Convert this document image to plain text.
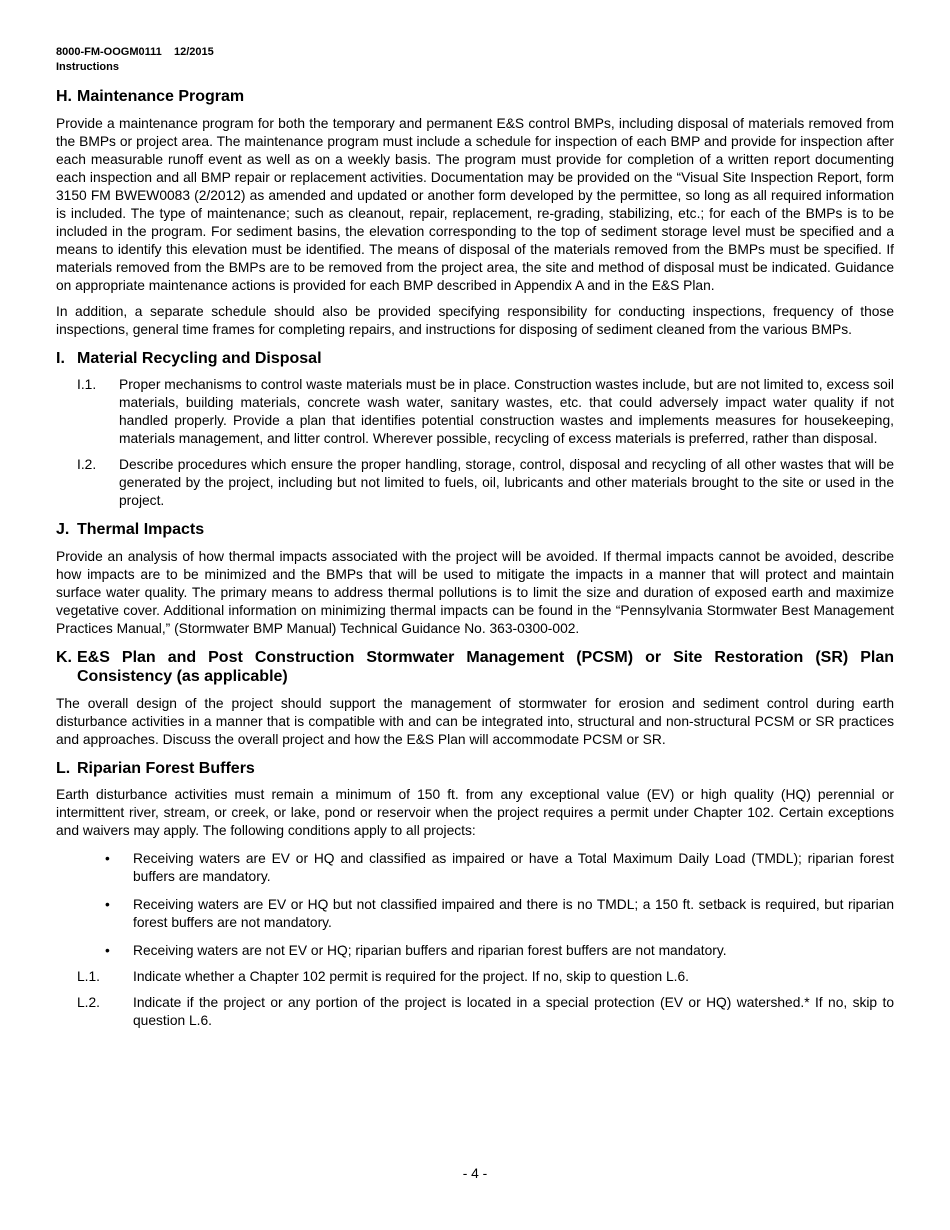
8000-FM-OOGM0111    12/2015
Instructions
H. Maintenance Program

Provide a maintenance program for both the temporary and permanent E&S control BMPs, including disposal of materials removed from the BMPs or project area. The maintenance program must include a schedule for inspection of each BMP and provide for inspection after each measurable runoff event as well as on a weekly basis. The program must provide for completion of a written report documenting each inspection and all BMP repair or replacement activities. Documentation may be provided on the “Visual Site Inspection Report, form 3150 FM BWEW0083 (2/2012) as amended and updated or another form developed by the permittee, so long as all required information is included. The type of maintenance; such as cleanout, repair, replacement, re-grading, stabilizing, etc.; for each of the BMPs is to be included in the program. For sediment basins, the elevation corresponding to the top of sediment storage level must be specified and a means to identify this elevation must be identified. The means of disposal of the materials removed from the BMPs must be specified. If materials removed from the BMPs are to be removed from the project area, the site and method of disposal must be indicated. Guidance on appropriate maintenance actions is provided for each BMP described in Appendix A and in the E&S Plan.

In addition, a separate schedule should also be provided specifying responsibility for conducting inspections, frequency of those inspections, general time frames for completing repairs, and instructions for disposing of sediment cleaned from the various BMPs.

I. Material Recycling and Disposal
I.1.	Proper mechanisms to control waste materials must be in place. Construction wastes include, but are not limited to, excess soil materials, building materials, concrete wash water, sanitary wastes, etc. that could adversely impact water quality if not handled properly. Provide a plan that identifies potential construction wastes and implements measures for housekeeping, materials management, and litter control. Wherever possible, recycling of excess materials is preferred, rather than disposal.

I.2.	Describe procedures which ensure the proper handling, storage, control, disposal and recycling of all other wastes that will be generated by the project, including but not limited to fuels, oil, lubricants and other materials brought to the site or used in the project.

J. Thermal Impacts

Provide an analysis of how thermal impacts associated with the project will be avoided. If thermal impacts cannot be avoided, describe how impacts are to be minimized and the BMPs that will be used to mitigate the impacts in a manner that will protect and maintain surface water quality. The primary means to address thermal pollutions is to limit the size and duration of exposed earth and maximize vegetative cover. Additional information on minimizing thermal impacts can be found in the “Pennsylvania Stormwater Best Management Practices Manual,” (Stormwater BMP Manual) Technical Guidance No. 363-0300-002.

K. E&S Plan and Post Construction Stormwater Management (PCSM) or Site Restoration (SR) Plan Consistency (as applicable)

The overall design of the project should support the management of stormwater for erosion and sediment control during earth disturbance activities in a manner that is compatible with and can be integrated into, structural and non-structural PCSM or SR practices and approaches. Discuss the overall project and how the E&S Plan will accommodate PCSM or SR.

L. Riparian Forest Buffers

Earth disturbance activities must remain a minimum of 150 ft. from any exceptional value (EV) or high quality (HQ) perennial or intermittent river, stream, or creek, or lake, pond or reservoir when the project requires a permit under Chapter 102. Certain exceptions and waivers may apply. The following conditions apply to all projects:

•	Receiving waters are EV or HQ and classified as impaired or have a Total Maximum Daily Load (TMDL); riparian forest buffers are mandatory.

•	Receiving waters are EV or HQ but not classified impaired and there is no TMDL; a 150 ft. setback is required, but riparian forest buffers are not mandatory.

•	Receiving waters are not EV or HQ; riparian buffers and riparian forest buffers are not mandatory.

L.1.	Indicate whether a Chapter 102 permit is required for the project. If no, skip to question L.6.

L.2.	Indicate if the project or any portion of the project is located in a special protection (EV or HQ) watershed.* If no, skip to question L.6.

- 4 -
